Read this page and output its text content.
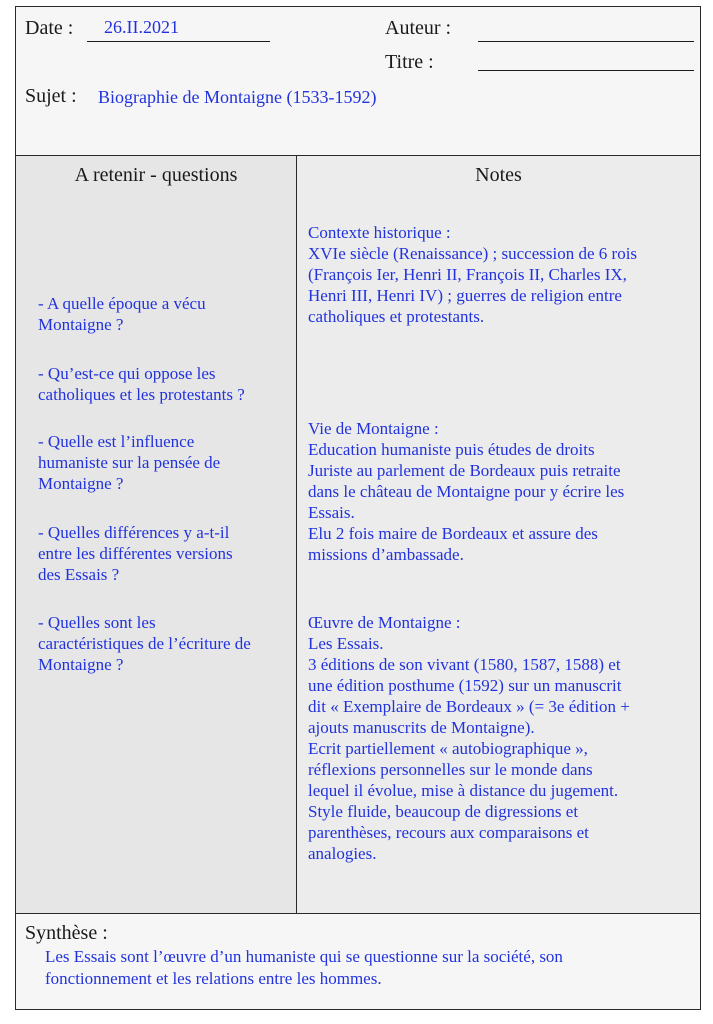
Date : 26.II.2021	Auteur :
Titre :
Sujet : Biographie de Montaigne (1533-1592)
A retenir - questions
- A quelle époque a vécu
Montaigne ?
- Qu’est-ce qui oppose les
catholiques et les protestants ?
- Quelle est l’influence
humaniste sur la pensée de
Montaigne ?
- Quelles différences y a-t-il
entre les différentes versions
des Essais ?
- Quelles sont les
caractéristiques de l’écriture de
Montaigne ?
Notes
Contexte historique :
XVIe siècle (Renaissance) ; succession de 6 rois
(François Ier, Henri II, François II, Charles IX,
Henri III, Henri IV) ; guerres de religion entre
catholiques et protestants.
Vie de Montaigne :
Education humaniste puis études de droits
Juriste au parlement de Bordeaux puis retraite
dans le château de Montaigne pour y écrire les
Essais.
Elu 2 fois maire de Bordeaux et assure des
missions d’ambassade.
Œuvre de Montaigne :
Les Essais.
3 éditions de son vivant (1580, 1587, 1588) et
une édition posthume (1592) sur un manuscrit
dit « Exemplaire de Bordeaux » (= 3e édition +
ajouts manuscrits de Montaigne).
Ecrit partiellement « autobiographique »,
réflexions personnelles sur le monde dans
lequel il évolue, mise à distance du jugement.
Style fluide, beaucoup de digressions et
parenthèses, recours aux comparaisons et
analogies.
Synthèse :
Les Essais sont l’œuvre d’un humaniste qui se questionne sur la société, son
fonctionnement et les relations entre les hommes.
